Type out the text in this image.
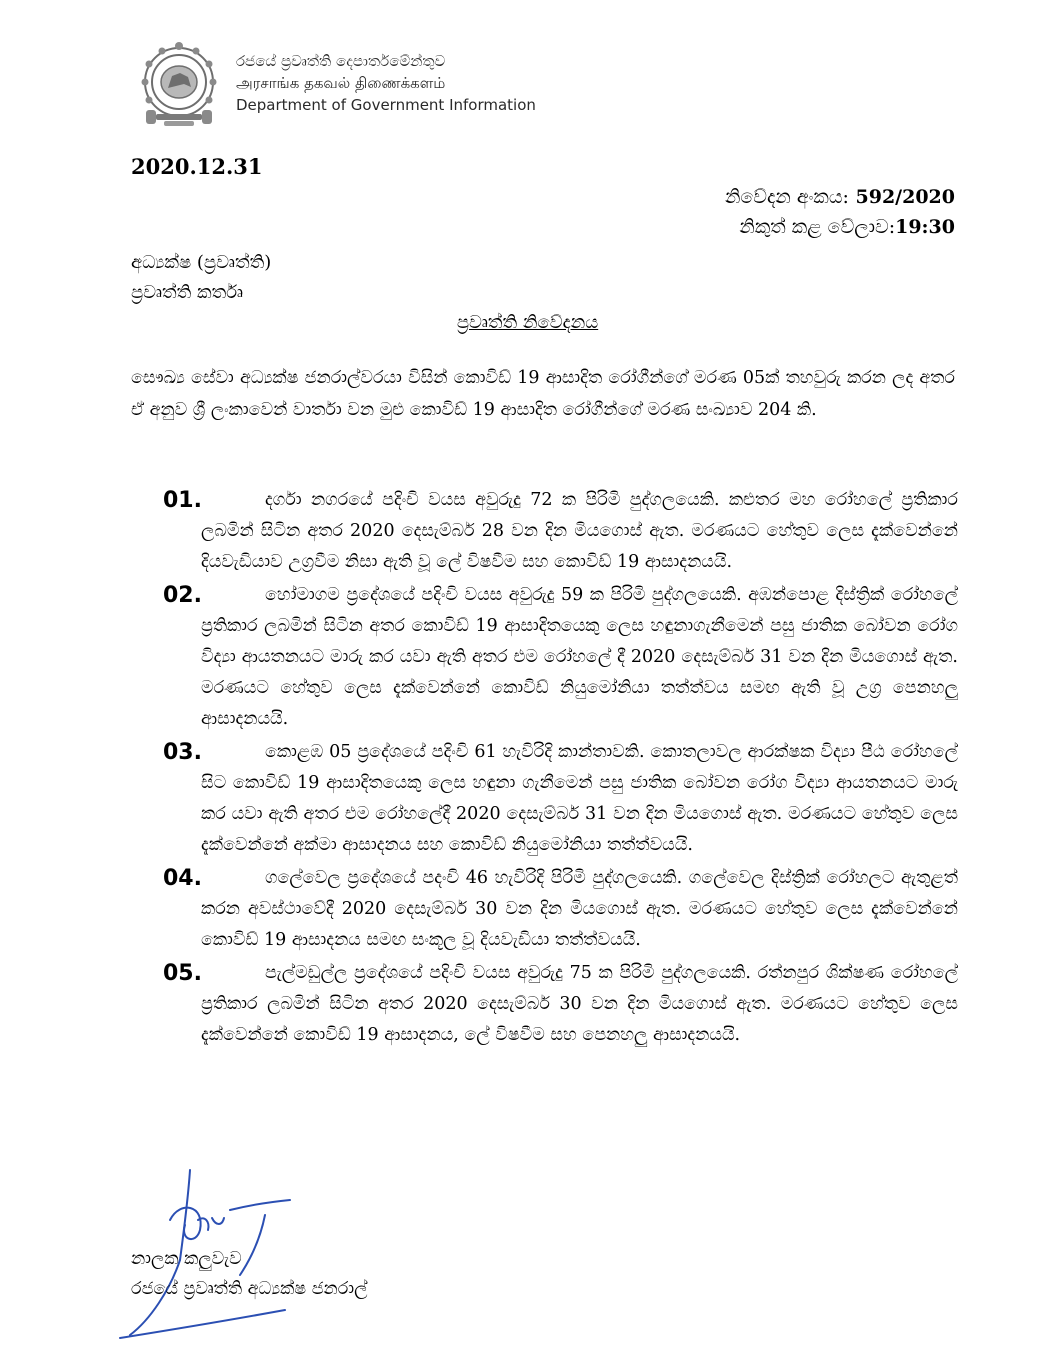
රජයේ ප්‍රවෘත්ති දෙපාර්තමේන්තුව
அரசாங்க தகவல் திணைக்களம்
Department of Government Information
2020.12.31
නිවේදන අංකය: 592/2020
නිකුත් කළ වේලාව:19:30
අධ්‍යක්ෂ (ප්‍රවෘත්ති)
ප්‍රවෘත්ති කර්තෘ
ප්‍රවෘත්ති නිවේදනය
සෞඛ්‍ය සේවා අධ්‍යක්ෂ ජනරාල්වරයා විසින් කොවිඩ් 19 ආසාදිත රෝගීන්ගේ මරණ 05ක් තහවුරු කරන ලද අතර ඒ අනුව ශ්‍රී ලංකාවෙන් වාර්තා වන මුළු කොවිඩ් 19 ආසාදිත රෝගීන්ගේ මරණ සංඛ්‍යාව 204 කි.
01.	දර්ගා නගරයේ පදිංචි වයස අවුරුදු 72 ක පිරිමි පුද්ගලයෙකි. කළුතර මහ රෝහලේ ප්‍රතිකාර ලබමින් සිටින අතර 2020 දෙසැම්බර් 28 වන දින මියගොස් ඇත. මරණයට හේතුව ලෙස දැක්වෙන්නේ දියවැඩියාව උග්‍රවීම නිසා ඇති වූ ලේ විෂවීම සහ කොවිඩ් 19 ආසාදනයයි.
02.	හෝමාගම ප්‍රදේශයේ පදිංචි වයස අවුරුදු 59 ක පිරිමි පුද්ගලයෙකි. අඹන්පොළ දිස්ත්‍රික් රෝහලේ ප්‍රතිකාර ලබමින් සිටින අතර කොවිඩ් 19 ආසාදිතයෙකු ලෙස හඳුනාගැනීමෙන් පසු ජාතික බෝවන රෝග විද්‍යා ආයතනයට මාරු කර යවා ඇති අතර එම රෝහලේ දී 2020 දෙසැම්බර් 31 වන දින මියගොස් ඇත. මරණයට හේතුව ලෙස දැක්වෙන්නේ කොවිඩ් නියුමෝනියා තත්ත්වය සමඟ ඇති වූ උග්‍ර පෙනහලු ආසාදනයයි.
03.	කොළඹ 05 ප්‍රදේශයේ පදිංචි 61 හැවිරිදි කාන්තාවකි. කොතලාවල ආරක්ෂක විද්‍යා පීඨ රෝහලේ සිට කොවිඩ් 19 ආසාදිතයෙකු ලෙස හඳුනා ගැනීමෙන් පසු ජාතික බෝවන රෝග විද්‍යා ආයතනයට මාරු කර යවා ඇති අතර එම රෝහලේදී 2020 දෙසැම්බර් 31 වන දින මියගොස් ඇත. මරණයට හේතුව ලෙස දැක්වෙන්නේ අක්මා ආසාදනය සහ කොවිඩ් නියුමෝනියා තත්ත්වයයි.
04.	ගලේවෙල ප්‍රදේශයේ පදංචි 46 හැවිරිදි පිරිමි පුද්ගලයෙකි. ගලේවෙල දිස්ත්‍රික් රෝහලට ඇතුළත් කරන අවස්ථාවේදී 2020 දෙසැම්බර් 30 වන දින මියගොස් ඇත. මරණයට හේතුව ලෙස දැක්වෙන්නේ කොවිඩ් 19 ආසාදනය සමඟ සංකූල වූ දියවැඩියා තත්ත්වයයි.
05.	පැල්මඩුල්ල ප්‍රදේශයේ පදිංචි වයස අවුරුදු 75 ක පිරිමි පුද්ගලයෙකි. රත්නපුර ශික්ෂණ රෝහලේ ප්‍රතිකාර ලබමින් සිටින අතර 2020 දෙසැම්බර් 30 වන දින මියගොස් ඇත. මරණයට හේතුව ලෙස දැක්වෙන්නේ කොවිඩ් 19 ආසාදනය, ලේ විෂවීම සහ පෙනහලු ආසාදනයයි.
නාලක කලුවැව
රජයේ ප්‍රවෘත්ති අධ්‍යක්ෂ ජනරාල්
